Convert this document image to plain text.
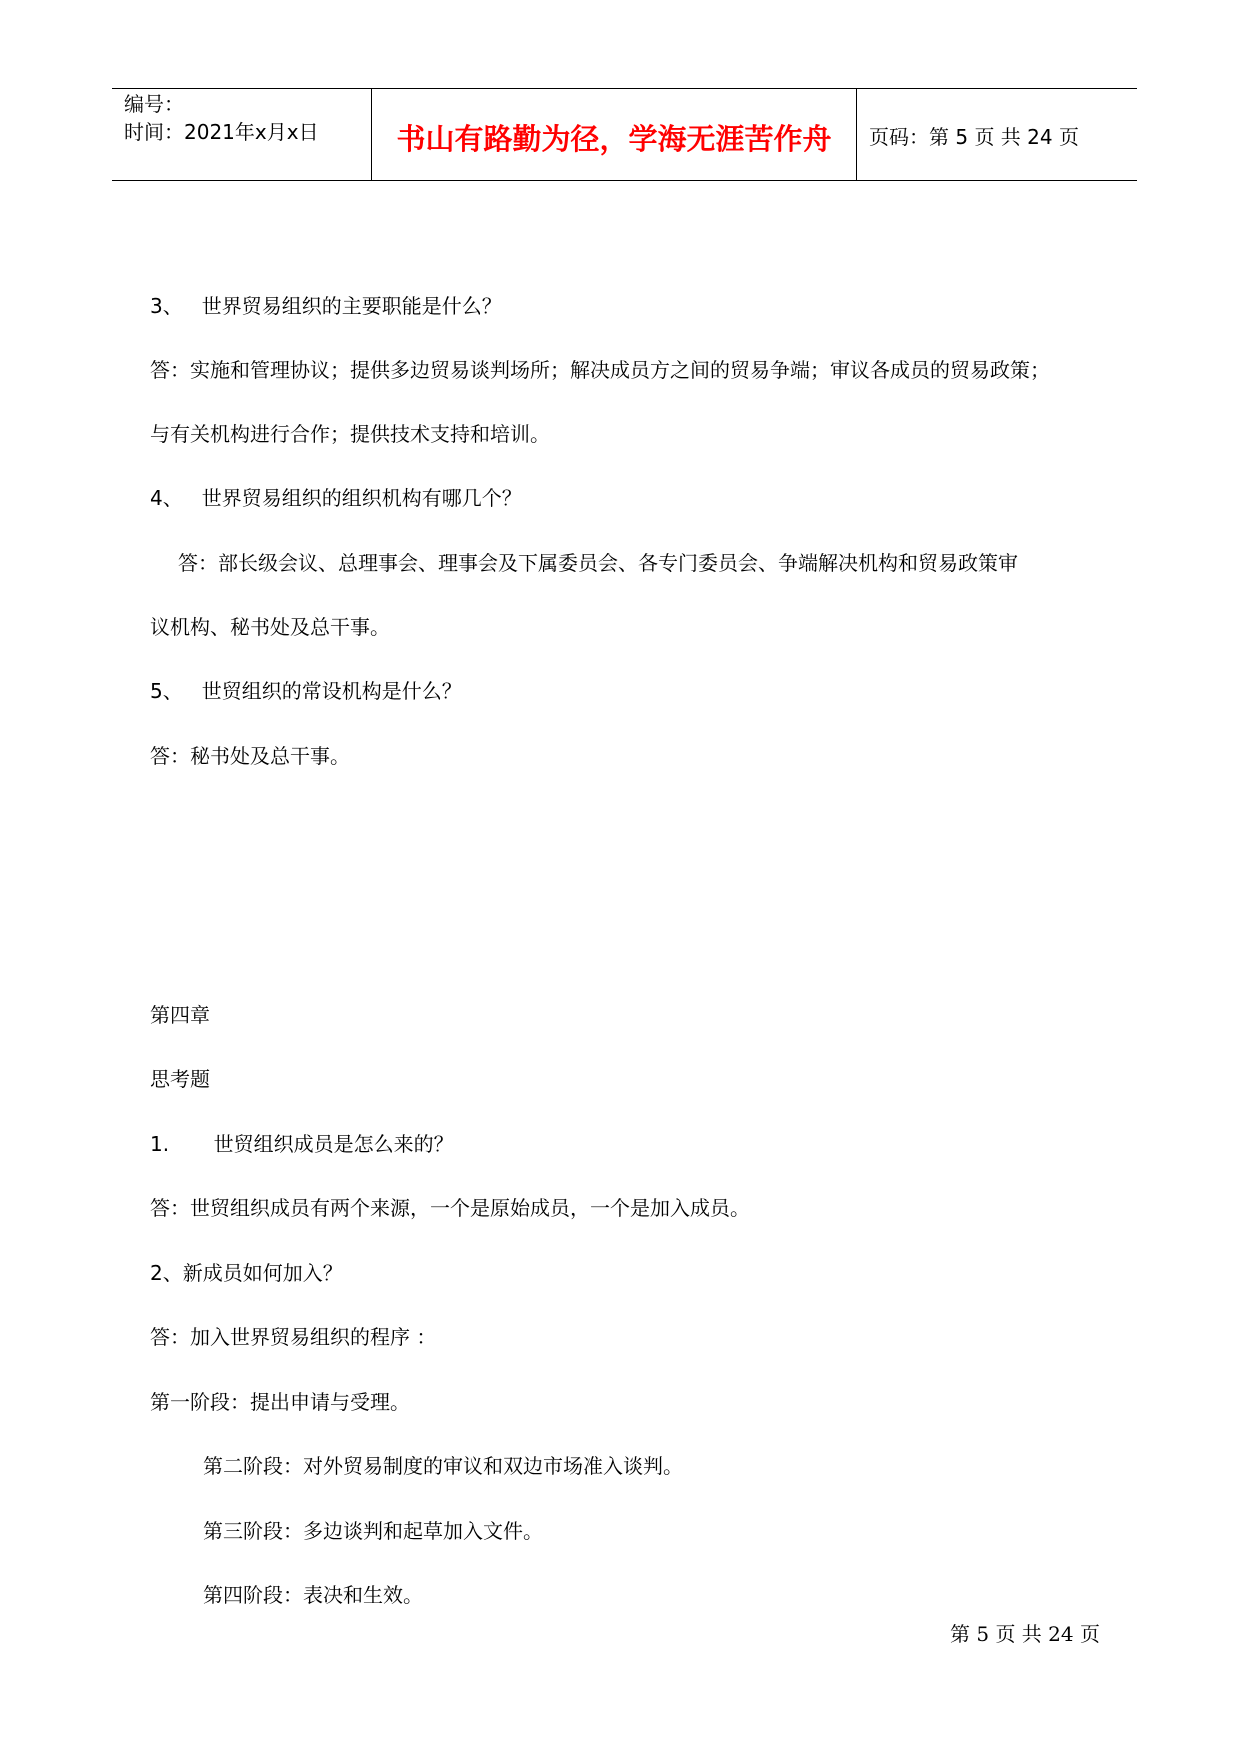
编号：
时间：2021年x月x日	书山有路勤为径，学海无涯苦作舟	页码：第 5 页 共 24 页
3、   世界贸易组织的主要职能是什么？
答：实施和管理协议；提供多边贸易谈判场所；解决成员方之间的贸易争端；审议各成员的贸易政策；
与有关机构进行合作；提供技术支持和培训。
4、   世界贸易组织的组织机构有哪几个？
答：部长级会议、总理事会、理事会及下属委员会、各专门委员会、争端解决机构和贸易政策审
议机构、秘书处及总干事。
5、   世贸组织的常设机构是什么？
答：秘书处及总干事。
第四章
思考题
1.       世贸组织成员是怎么来的？
答：世贸组织成员有两个来源，一个是原始成员，一个是加入成员。
2、新成员如何加入？
答：加入世界贸易组织的程序 ：
第一阶段：提出申请与受理。
第二阶段：对外贸易制度的审议和双边市场准入谈判。
第三阶段：多边谈判和起草加入文件。
第四阶段：表决和生效。
第 5 页 共 24 页
